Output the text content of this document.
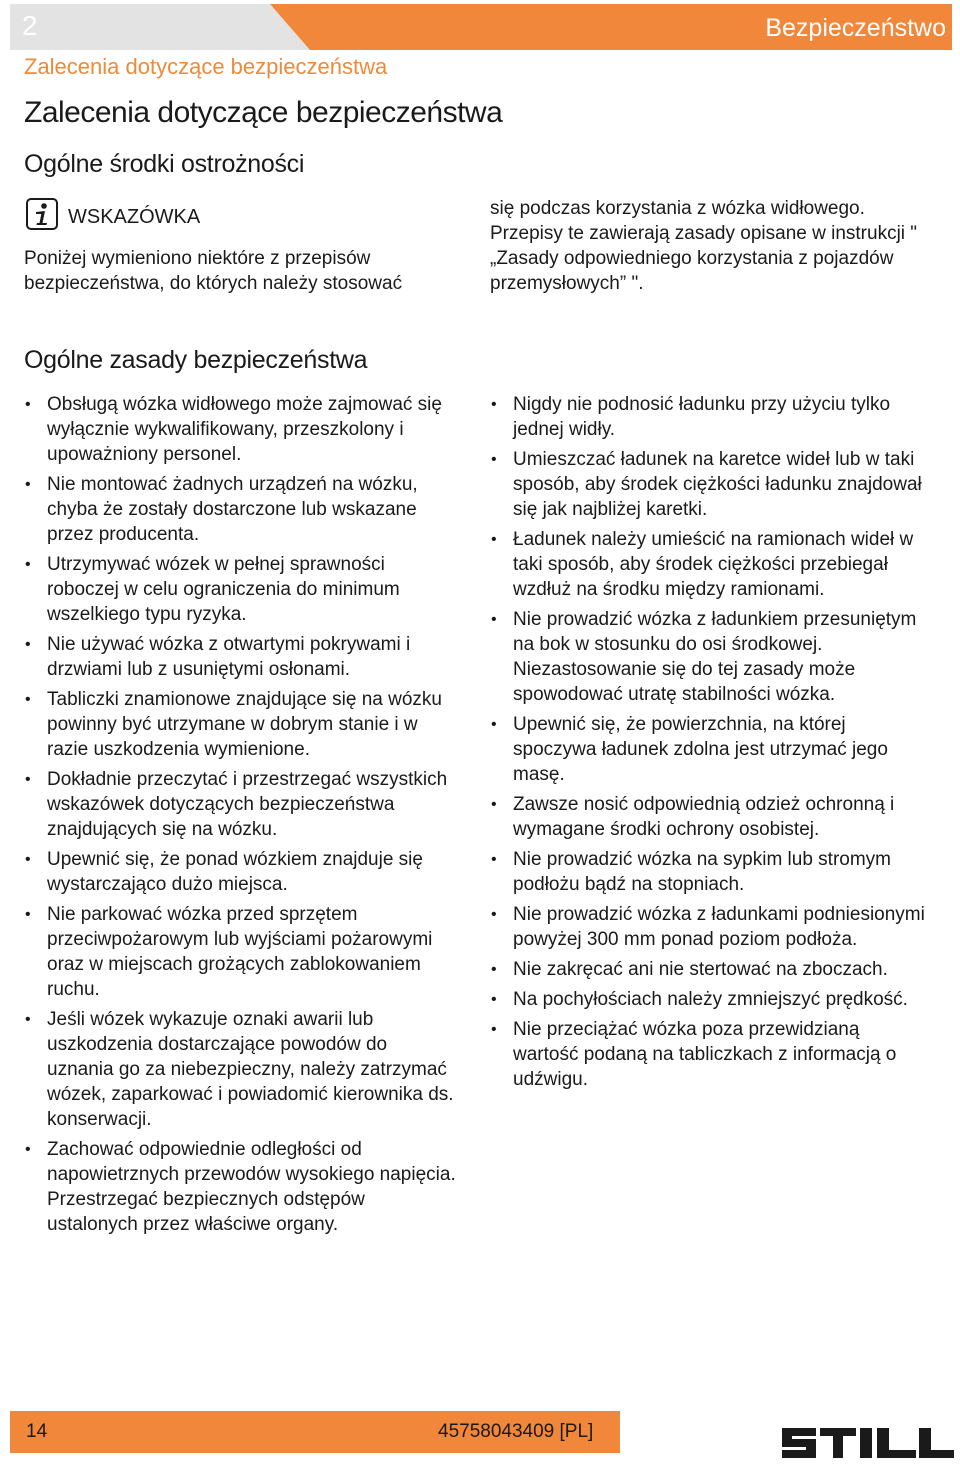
2	Bezpieczeństwo
Zalecenia dotyczące bezpieczeństwa
Zalecenia dotyczące bezpieczeństwa
Ogólne środki ostrożności
WSKAZÓWKA

Poniżej wymieniono niektóre z przepisów bezpieczeństwa, do których należy stosować

się podczas korzystania z wózka widłowego. Przepisy te zawierają zasady opisane w instrukcji " „Zasady odpowiedniego korzystania z pojazdów przemysłowych” ".

Ogólne zasady bezpieczeństwa
• Obsługą wózka widłowego może zajmować się wyłącznie wykwalifikowany, przeszkolony i upoważniony personel.
• Nie montować żadnych urządzeń na wózku, chyba że zostały dostarczone lub wskazane przez producenta.
• Utrzymywać wózek w pełnej sprawności roboczej w celu ograniczenia do minimum wszelkiego typu ryzyka.
• Nie używać wózka z otwartymi pokrywami i drzwiami lub z usuniętymi osłonami.
• Tabliczki znamionowe znajdujące się na wózku powinny być utrzymane w dobrym stanie i w razie uszkodzenia wymienione.
• Dokładnie przeczytać i przestrzegać wszystkich wskazówek dotyczących bezpieczeństwa znajdujących się na wózku.
• Upewnić się, że ponad wózkiem znajduje się wystarczająco dużo miejsca.
• Nie parkować wózka przed sprzętem przeciwpożarowym lub wyjściami pożarowymi oraz w miejscach grożących zablokowaniem ruchu.
• Jeśli wózek wykazuje oznaki awarii lub uszkodzenia dostarczające powodów do uznania go za niebezpieczny, należy zatrzymać wózek, zaparkować i powiadomić kierownika ds. konserwacji.
• Zachować odpowiednie odległości od napowietrznych przewodów wysokiego napięcia. Przestrzegać bezpiecznych odstępów ustalonych przez właściwe organy.
• Nigdy nie podnosić ładunku przy użyciu tylko jednej widły.
• Umieszczać ładunek na karetce wideł lub w taki sposób, aby środek ciężkości ładunku znajdował się jak najbliżej karetki.
• Ładunek należy umieścić na ramionach wideł w taki sposób, aby środek ciężkości przebiegał wzdłuż na środku między ramionami.
• Nie prowadzić wózka z ładunkiem przesuniętym na bok w stosunku do osi środkowej. Niezastosowanie się do tej zasady może spowodować utratę stabilności wózka.
• Upewnić się, że powierzchnia, na której spoczywa ładunek zdolna jest utrzymać jego masę.
• Zawsze nosić odpowiednią odzież ochronną i wymagane środki ochrony osobistej.
• Nie prowadzić wózka na sypkim lub stromym podłożu bądź na stopniach.
• Nie prowadzić wózka z ładunkami podniesionymi powyżej 300 mm ponad poziom podłoża.
• Nie zakręcać ani nie stertować na zboczach.
• Na pochyłościach należy zmniejszyć prędkość.
• Nie przeciążać wózka poza przewidzianą wartość podaną na tabliczkach z informacją o udźwigu.
14	45758043409 [PL]
